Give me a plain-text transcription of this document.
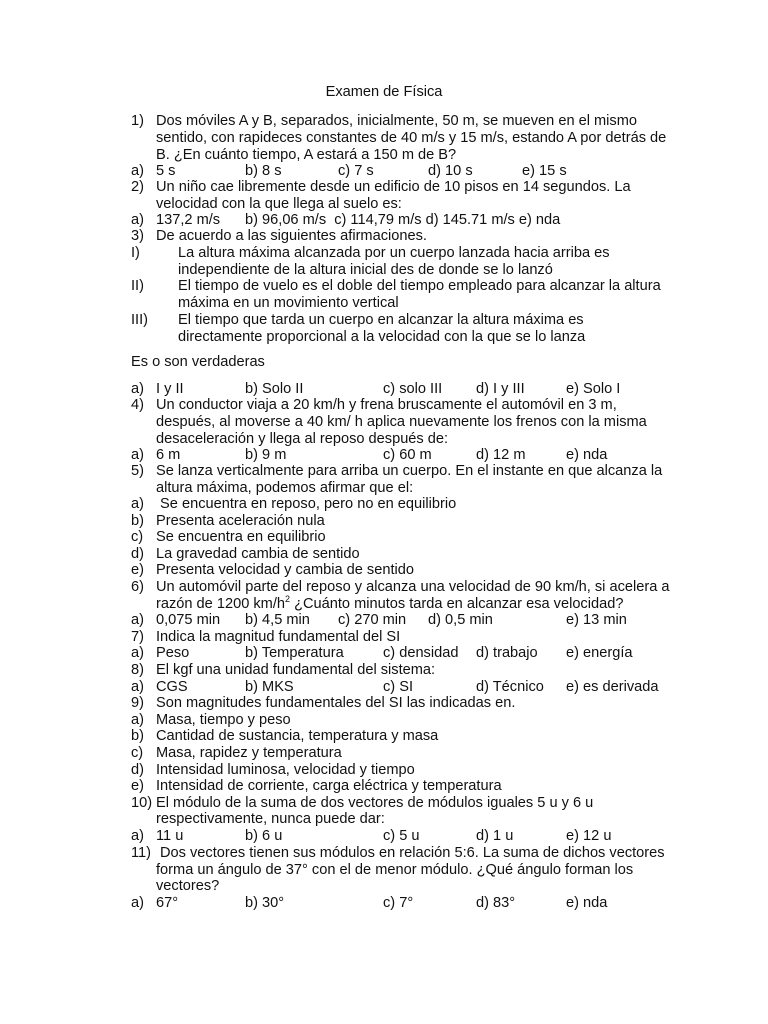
Examen de Física
1) Dos móviles A y B, separados, inicialmente, 50 m, se mueven en el mismo
sentido, con rapideces constantes de 40 m/s y 15 m/s, estando A por detrás de
B. ¿En cuánto tiempo, A estará a 150 m de B?
a) 5 s	b) 8 s	c) 7 s	d) 10 s	e) 15 s
2) Un niño cae libremente desde un edificio de 10 pisos en 14 segundos. La
velocidad con la que llega al suelo es:
a) 137,2 m/s b) 96,06 m/s  c) 114,79 m/s d) 145.71 m/s e) nda
3) De acuerdo a las siguientes afirmaciones.
I)	La altura máxima alcanzada por un cuerpo lanzada hacia arriba es
independiente de la altura inicial des de donde se lo lanzó
II) El tiempo de vuelo es el doble del tiempo empleado para alcanzar la altura
máxima en un movimiento vertical
III) El tiempo que tarda un cuerpo en alcanzar la altura máxima es
directamente proporcional a la velocidad con la que se lo lanza
Es o son verdaderas
a) I y II	b) Solo II	c) solo III d) I y III	e) Solo I
4) Un conductor viaja a 20 km/h y frena bruscamente el automóvil en 3 m,
después, al moverse a 40 km/ h aplica nuevamente los frenos con la misma
desaceleración y llega al reposo después de:
a) 6 m	b) 9 m	c) 60 m	d) 12 m	e) nda
5) Se lanza verticalmente para arriba un cuerpo. En el instante en que alcanza la
altura máxima, podemos afirmar que el:
a) Se encuentra en reposo, pero no en equilibrio
b) Presenta aceleración nula
c) Se encuentra en equilibrio
d) La gravedad cambia de sentido
e) Presenta velocidad y cambia de sentido
6) Un automóvil parte del reposo y alcanza una velocidad de 90 km/h, si acelera a
razón de 1200 $km/h^2$ ¿Cuánto minutos tarda en alcanzar esa velocidad?
a) 0,075 min b) 4,5 min c) 270 min d) 0,5 min	e) 13 min
7) Indica la magnitud fundamental del SI
a) Peso	b) Temperatura	c) densidad d) trabajo e) energía
8) El kgf una unidad fundamental del sistema:
a) CGS	b) MKS	c) SI	d) Técnico e) es derivada
9) Son magnitudes fundamentales del SI las indicadas en.
a) Masa, tiempo y peso
b) Cantidad de sustancia, temperatura y masa
c) Masa, rapidez y temperatura
d) Intensidad luminosa, velocidad y tiempo
e) Intensidad de corriente, carga eléctrica y temperatura
10) El módulo de la suma de dos vectores de módulos iguales 5 u y 6 u
respectivamente, nunca puede dar:
a) 11 u	b) 6 u	c) 5 u	d) 1 u	e) 12 u
11) Dos vectores tienen sus módulos en relación 5:6. La suma de dichos vectores
forma un ángulo de 37° con el de menor módulo. ¿Qué ángulo forman los
vectores?
a) 67°	b) 30°	c) 7°	d) 83°	e) nda
